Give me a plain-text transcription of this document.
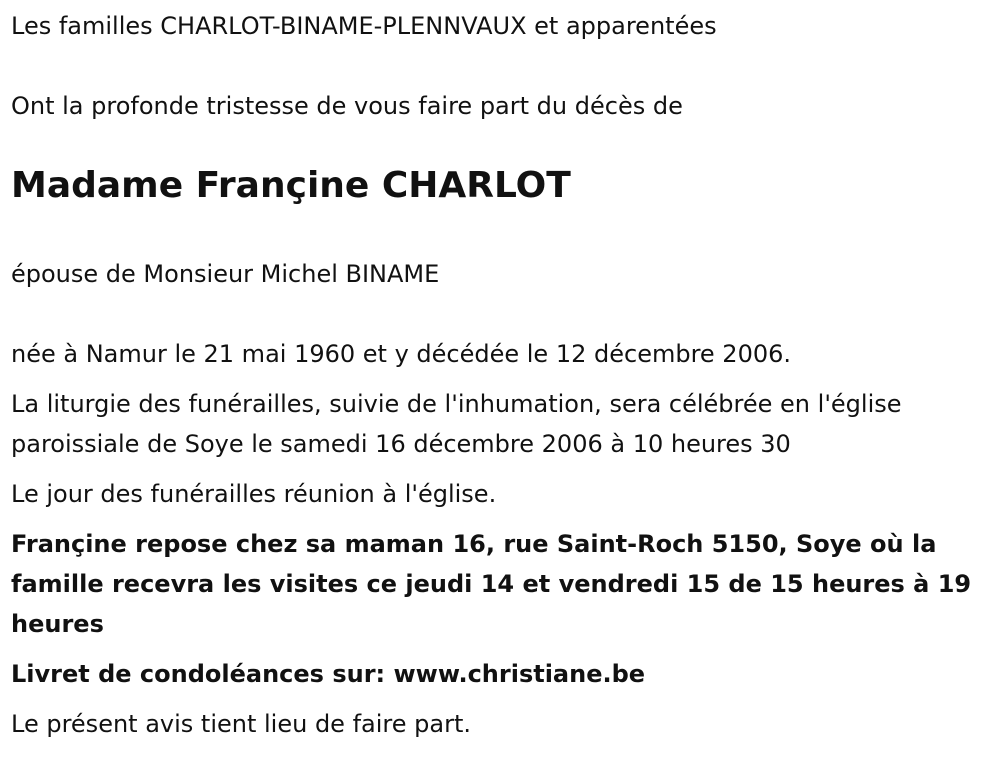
Les familles CHARLOT-BINAME-PLENNVAUX et apparentées

Ont la profonde tristesse de vous faire part du décès de

Madame Françine CHARLOT

épouse de Monsieur Michel BINAME

née à Namur le 21 mai 1960 et y décédée le 12 décembre 2006.

La liturgie des funérailles, suivie de l'inhumation, sera célébrée en l'église paroissiale de Soye le samedi 16 décembre 2006 à 10 heures 30

Le jour des funérailles réunion à l'église.

Françine repose chez sa maman 16, rue Saint-Roch 5150, Soye où la famille recevra les visites ce jeudi 14 et vendredi 15 de 15 heures à 19 heures

Livret de condoléances sur: www.christiane.be

Le présent avis tient lieu de faire part.
